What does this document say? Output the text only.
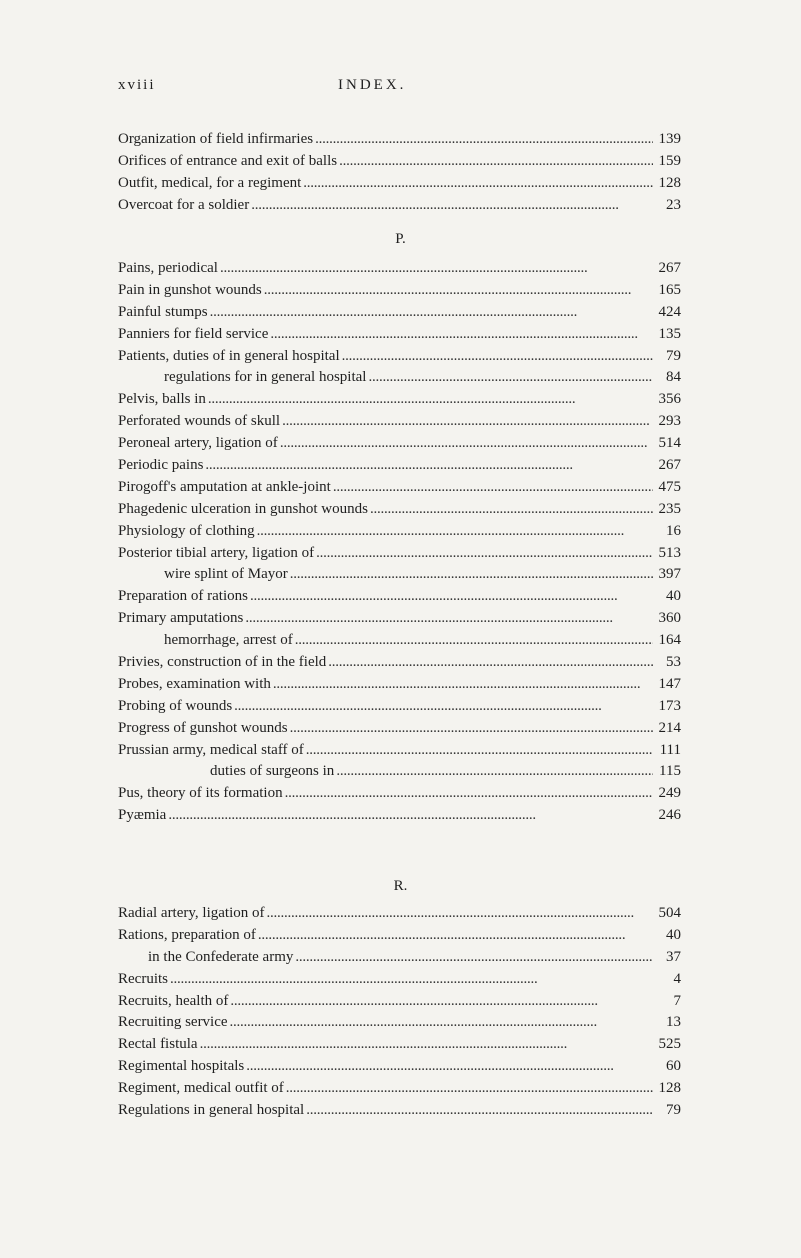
xviii	INDEX.
Organization of field infirmaries . . .	139
Orifices of entrance and exit of balls . . .	159
Outfit, medical, for a regiment . . .	128
Overcoat for a soldier . . .	23
P.
Pains, periodical . . .	267
Pain in gunshot wounds . . .	165
Painful stumps . . .	424
Panniers for field service . . .	135
Patients, duties of in general hospital . . .	79
regulations for in general hospital . . .	84
Pelvis, balls in . . .	356
Perforated wounds of skull . . .	293
Peroneal artery, ligation of . . .	514
Periodic pains . . .	267
Pirogoff's amputation at ankle-joint . . .	475
Phagedenic ulceration in gunshot wounds . . .	235
Physiology of clothing . . .	16
Posterior tibial artery, ligation of . . .	513
wire splint of Mayor . . .	397
Preparation of rations . . .	40
Primary amputations . . .	360
hemorrhage, arrest of . . .	164
Privies, construction of in the field . . .	53
Probes, examination with . . .	147
Probing of wounds . . .	173
Progress of gunshot wounds . . .	214
Prussian army, medical staff of . . .	111
duties of surgeons in . . .	115
Pus, theory of its formation . . .	249
Pyæmia . . .	246
R.
Radial artery, ligation of . . .	504
Rations, preparation of . . .	40
in the Confederate army . . .	37
Recruits . . .	4
Recruits, health of . . .	7
Recruiting service . . .	13
Rectal fistula . . .	525
Regimental hospitals . . .	60
Regiment, medical outfit of . . .	128
Regulations in general hospital . . .	79
